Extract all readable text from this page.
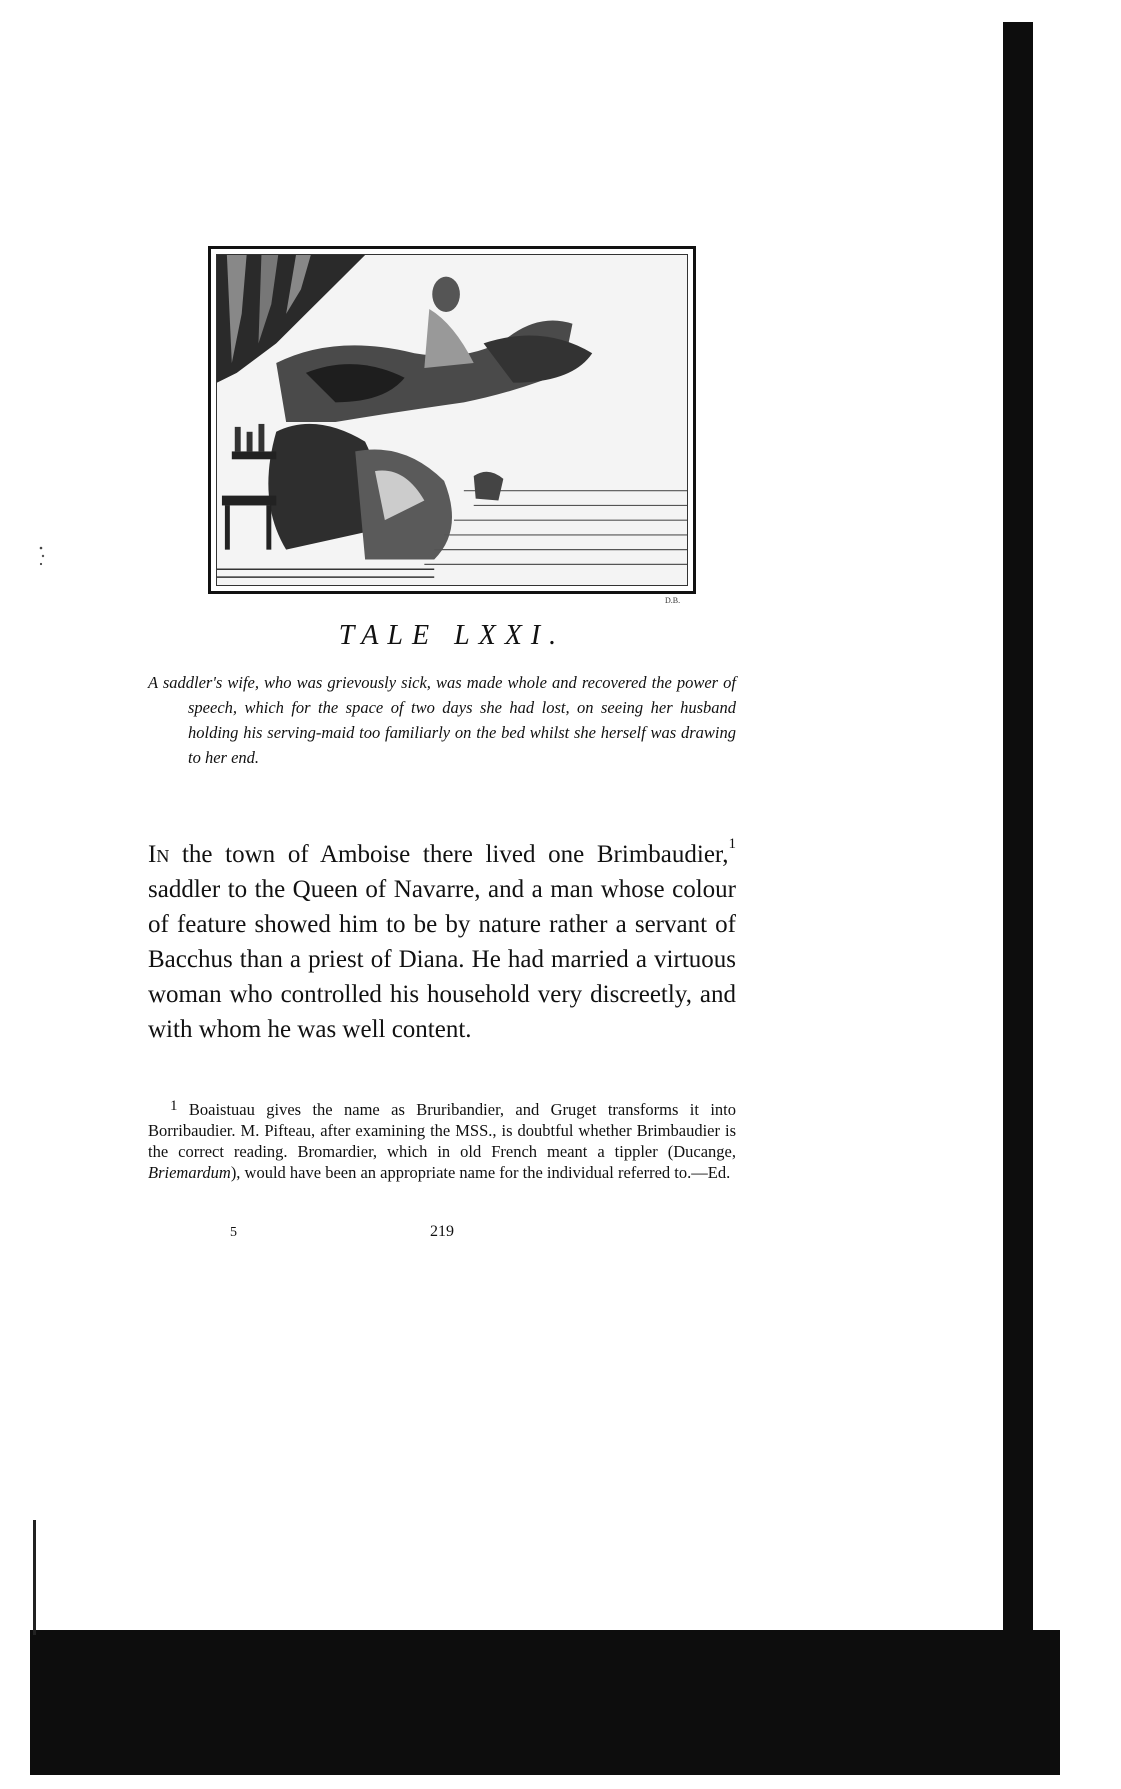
D.B.
TALE LXXI.
A saddler's wife, who was grievously sick, was made whole and recovered the power of speech, which for the space of two days she had lost, on seeing her husband holding his serving-maid too familiarly on the bed whilst she herself was drawing to her end.

In the town of Amboise there lived one Brimbaudier,$^1$ saddler to the Queen of Navarre, and a man whose colour of feature showed him to be by nature rather a servant of Bacchus than a priest of Diana. He had married a virtuous woman who controlled his household very discreetly, and with whom he was well content.

$^1$ Boaistuau gives the name as Bruribandier, and Gruget transforms it into Borribaudier. M. Pifteau, after examining the MSS., is doubtful whether Brimbaudier is the correct reading. Bromardier, which in old French meant a tippler (Ducange, Briemardum), would have been an appropriate name for the individual referred to.—Ed.

5	219
